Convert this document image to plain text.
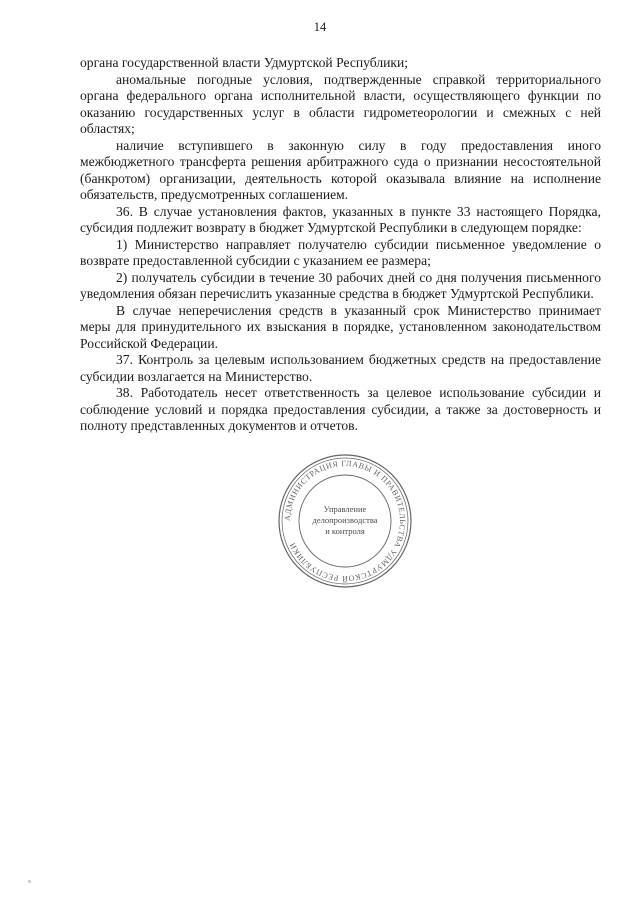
14

органа государственной власти Удмуртской Республики;

аномальные погодные условия, подтвержденные справкой территориального органа федерального органа исполнительной власти, осуществляющего функции по оказанию государственных услуг в области гидрометеорологии и смежных с ней областях;

наличие вступившего в законную силу в году предоставления иного межбюджетного трансферта решения арбитражного суда о признании несостоятельной (банкротом) организации, деятельность которой оказывала влияние на исполнение обязательств, предусмотренных соглашением.

36. В случае установления фактов, указанных в пункте 33 настоящего Порядка, субсидия подлежит возврату в бюджет Удмуртской Республики в следующем порядке:

1) Министерство направляет получателю субсидии письменное уведомление о возврате предоставленной субсидии с указанием ее размера;

2) получатель субсидии в течение 30 рабочих дней со дня получения письменного уведомления обязан перечислить указанные средства в бюджет Удмуртской Республики.

В случае неперечисления средств в указанный срок Министерство принимает меры для принудительного их взыскания в порядке, установленном законодательством Российской Федерации.

37. Контроль за целевым использованием бюджетных средств на предоставление субсидии возлагается на Министерство.

38. Работодатель несет ответственность за целевое использование субсидии и соблюдение условий и порядка предоставления субсидии, а также за достоверность и полноту представленных документов и отчетов.

АДМИНИСТРАЦИЯ ГЛАВЫ И ПРАВИТЕЛЬСТВА УДМУРТСКОЙ РЕСПУБЛИКИ
Управление
делопроизводства
и контроля
